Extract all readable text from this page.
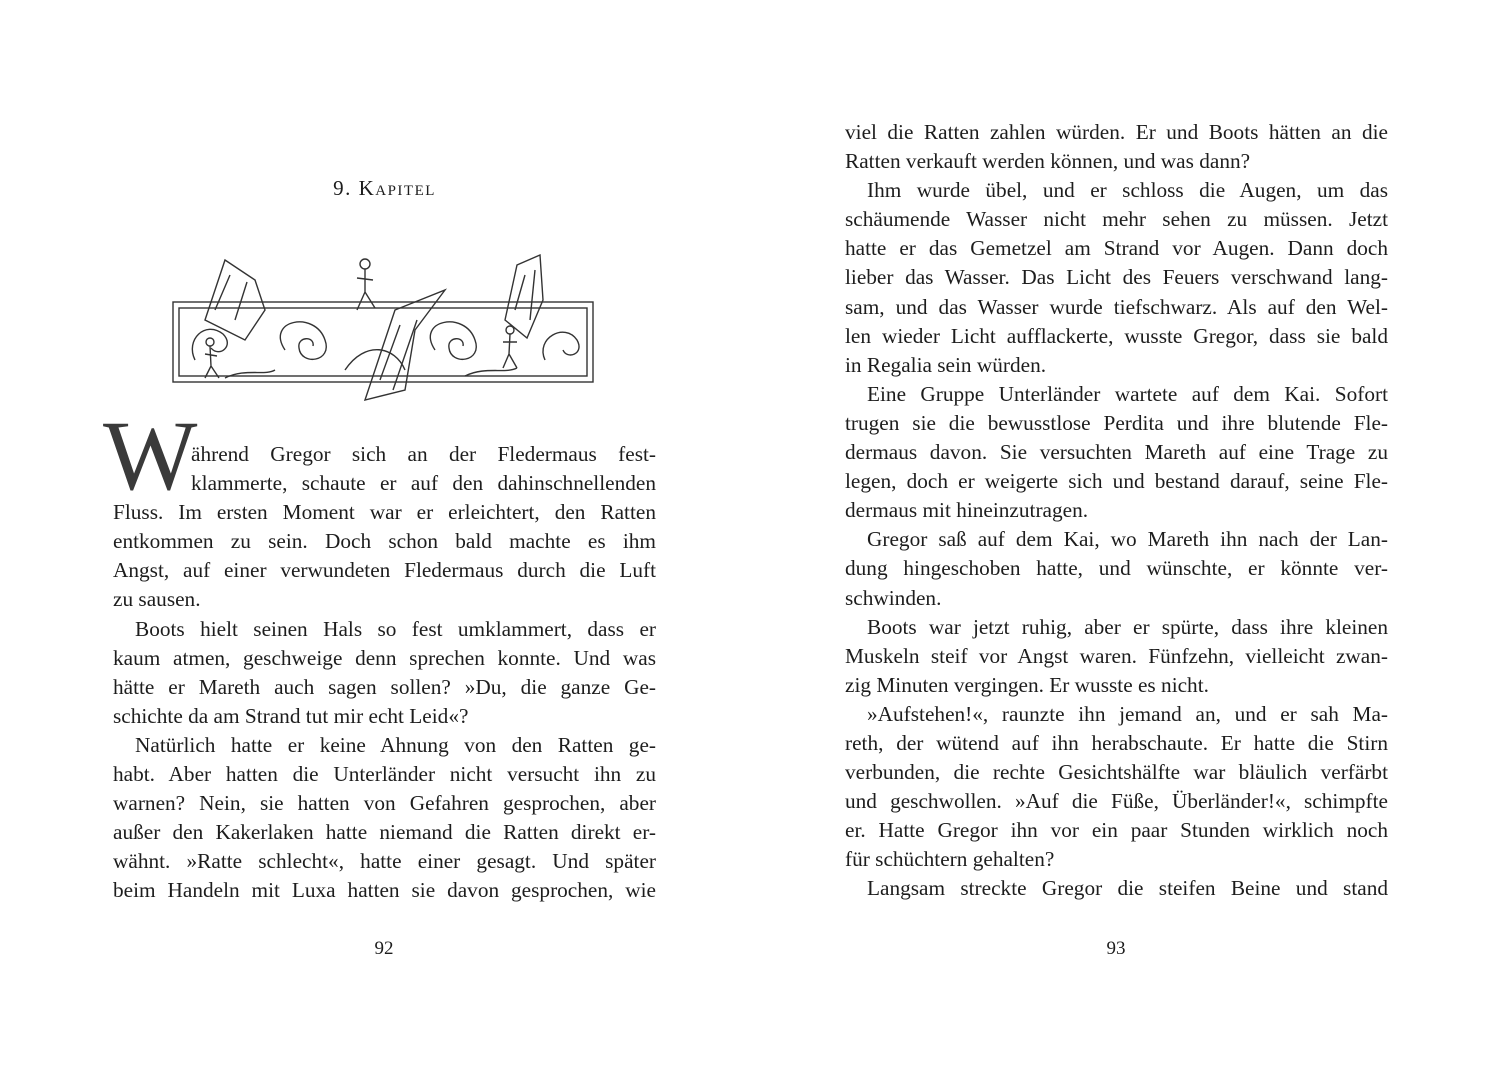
9. Kapitel
W
ährend Gregor sich an der Fledermaus fest-
klammerte, schaute er auf den dahinschnellenden
Fluss. Im ersten Moment war er erleichtert, den Ratten
entkommen zu sein. Doch schon bald machte es ihm
Angst, auf einer verwundeten Fledermaus durch die Luft
zu sausen.
Boots hielt seinen Hals so fest umklammert, dass er
kaum atmen, geschweige denn sprechen konnte. Und was
hätte er Mareth auch sagen sollen? »Du, die ganze Ge-
schichte da am Strand tut mir echt Leid«?
Natürlich hatte er keine Ahnung von den Ratten ge-
habt. Aber hatten die Unterländer nicht versucht ihn zu
warnen? Nein, sie hatten von Gefahren gesprochen, aber
außer den Kakerlaken hatte niemand die Ratten direkt er-
wähnt. »Ratte schlecht«, hatte einer gesagt. Und später
beim Handeln mit Luxa hatten sie davon gesprochen, wie
92
viel die Ratten zahlen würden. Er und Boots hätten an die
Ratten verkauft werden können, und was dann?
Ihm wurde übel, und er schloss die Augen, um das
schäumende Wasser nicht mehr sehen zu müssen. Jetzt
hatte er das Gemetzel am Strand vor Augen. Dann doch
lieber das Wasser. Das Licht des Feuers verschwand lang-
sam, und das Wasser wurde tiefschwarz. Als auf den Wel-
len wieder Licht aufflackerte, wusste Gregor, dass sie bald
in Regalia sein würden.
Eine Gruppe Unterländer wartete auf dem Kai. Sofort
trugen sie die bewusstlose Perdita und ihre blutende Fle-
dermaus davon. Sie versuchten Mareth auf eine Trage zu
legen, doch er weigerte sich und bestand darauf, seine Fle-
dermaus mit hineinzutragen.
Gregor saß auf dem Kai, wo Mareth ihn nach der Lan-
dung hingeschoben hatte, und wünschte, er könnte ver-
schwinden.
Boots war jetzt ruhig, aber er spürte, dass ihre kleinen
Muskeln steif vor Angst waren. Fünfzehn, vielleicht zwan-
zig Minuten vergingen. Er wusste es nicht.
»Aufstehen!«, raunzte ihn jemand an, und er sah Ma-
reth, der wütend auf ihn herabschaute. Er hatte die Stirn
verbunden, die rechte Gesichtshälfte war bläulich verfärbt
und geschwollen. »Auf die Füße, Überländer!«, schimpfte
er. Hatte Gregor ihn vor ein paar Stunden wirklich noch
für schüchtern gehalten?
Langsam streckte Gregor die steifen Beine und stand
93
